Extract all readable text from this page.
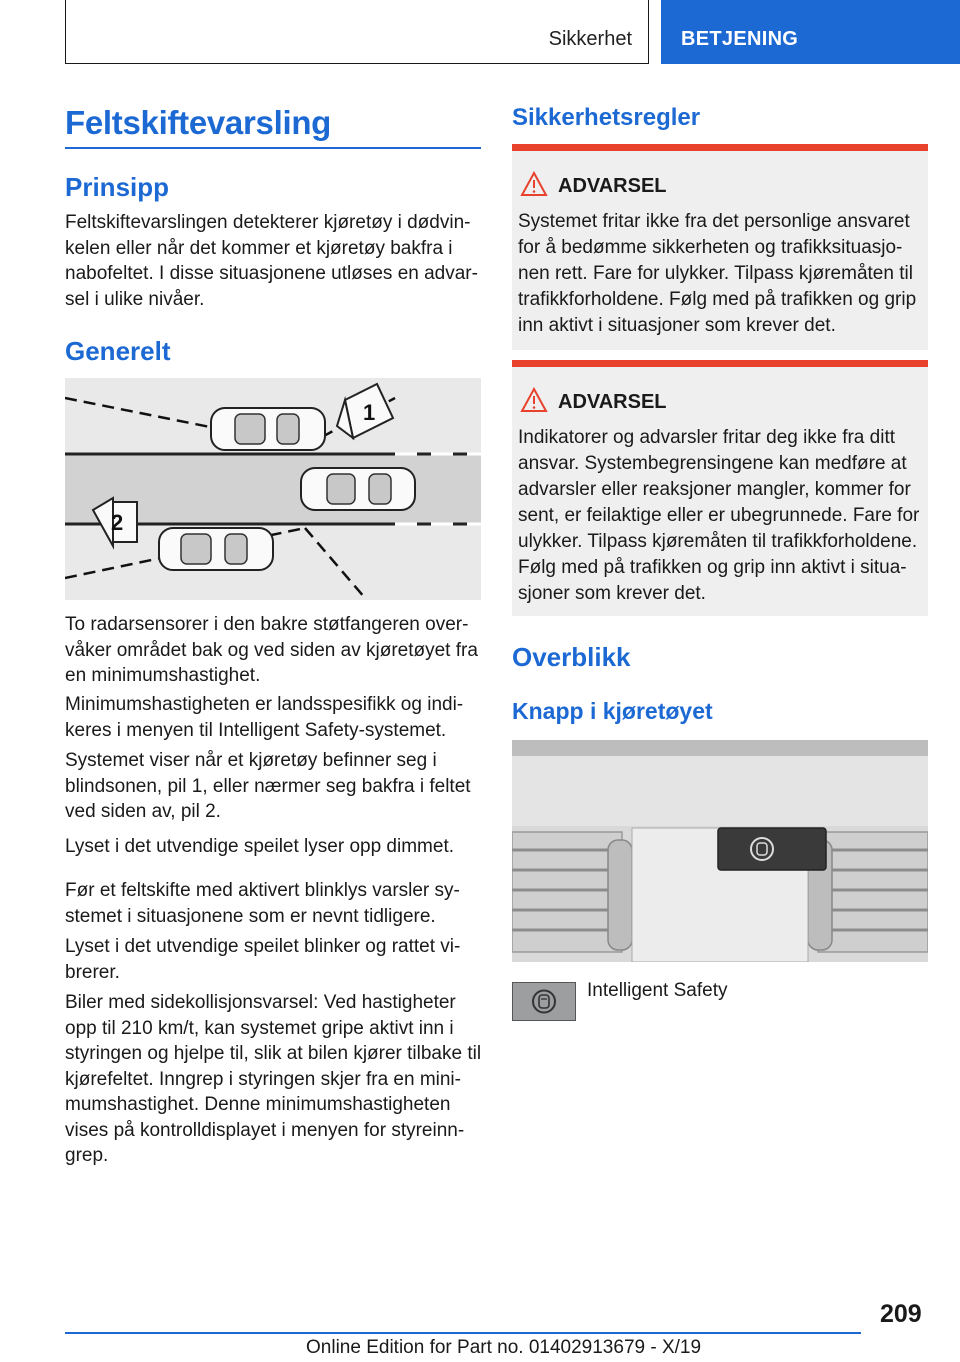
Sikkerhet BETJENING
Feltskiftevarsling
Prinsipp
Feltskiftevarslingen detekterer kjøretøy i dødvin-
kelen eller når det kommer et kjøretøy bakfra i
nabofeltet. I disse situasjonene utløses en advar-
sel i ulike nivåer.
Generelt
1
2
To radarsensorer i den bakre støtfangeren over-
våker området bak og ved siden av kjøretøyet fra
en minimumshastighet.
Minimumshastigheten er landsspesifikk og indi-
keres i menyen til Intelligent Safety-systemet.
Systemet viser når et kjøretøy befinner seg i
blindsonen, pil 1, eller nærmer seg bakfra i feltet
ved siden av, pil 2.
Lyset i det utvendige speilet lyser opp dimmet.
Før et feltskifte med aktivert blinklys varsler sy-
stemet i situasjonene som er nevnt tidligere.
Lyset i det utvendige speilet blinker og rattet vi-
brerer.
Biler med sidekollisjonsvarsel: Ved hastigheter
opp til 210 km/t, kan systemet gripe aktivt inn i
styringen og hjelpe til, slik at bilen kjører tilbake til
kjørefeltet. Inngrep i styringen skjer fra en mini-
mumshastighet. Denne minimumshastigheten
vises på kontrolldisplayet i menyen for styreinn-
grep.
Sikkerhetsregler
ADVARSEL
Systemet fritar ikke fra det personlige ansvaret
for å bedømme sikkerheten og trafikksituasjo-
nen rett. Fare for ulykker. Tilpass kjøremåten til
trafikkforholdene. Følg med på trafikken og grip
inn aktivt i situasjoner som krever det.
ADVARSEL
Indikatorer og advarsler fritar deg ikke fra ditt
ansvar. Systembegrensingene kan medføre at
advarsler eller reaksjoner mangler, kommer for
sent, er feilaktige eller er ubegrunnede. Fare for
ulykker. Tilpass kjøremåten til trafikkforholdene.
Følg med på trafikken og grip inn aktivt i situa-
sjoner som krever det.
Overblikk
Knapp i kjøretøyet
Intelligent Safety
209
Online Edition for Part no. 01402913679 - X/19
